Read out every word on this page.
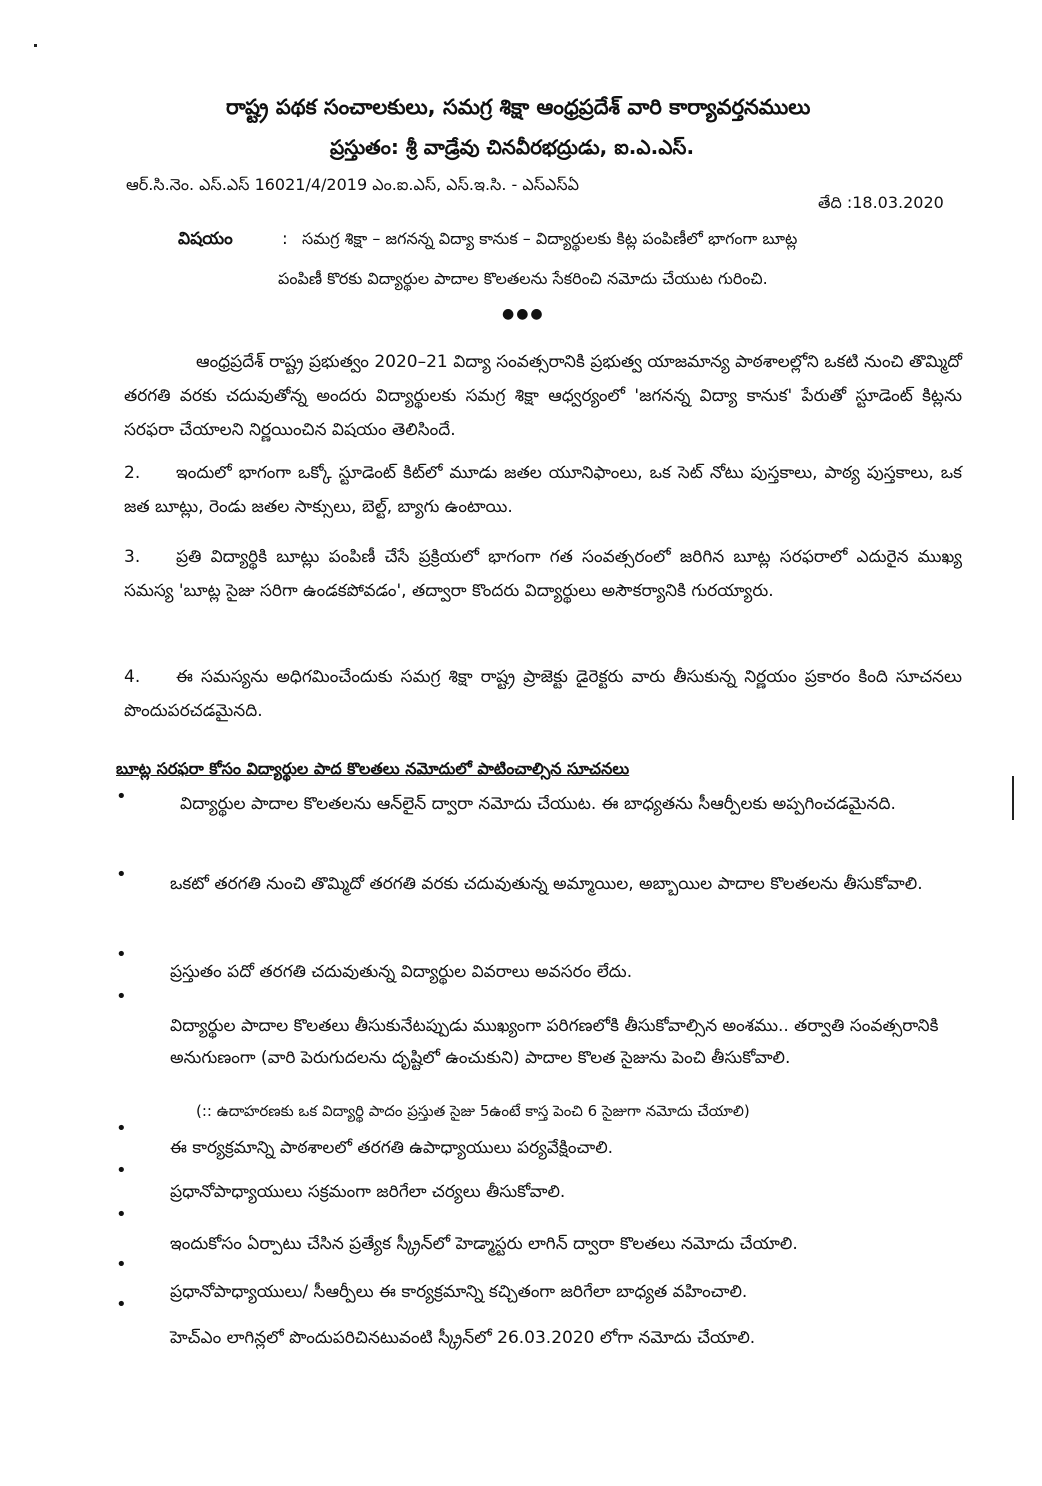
రాష్ట్ర పథక సంచాలకులు, సమగ్ర శిక్షా ఆంధ్రప్రదేశ్ వారి కార్యావర్తనములు
ప్రస్తుతం: శ్రీ వాడ్రేవు చినవీరభద్రుడు, ఐ.ఎ.ఎస్.
ఆర్.సి.నెం. ఎస్.ఎస్ 16021/4/2019 ఎం.ఐ.ఎస్, ఎస్.ఇ.సి. - ఎస్ఎస్ఏ
తేది :18.03.2020
విషయం	: సమగ్ర శిక్షా – జగనన్న విద్యా కానుక – విద్యార్థులకు కిట్ల పంపిణీలో భాగంగా బూట్ల
పంపిణీ కొరకు విద్యార్థుల పాదాల కొలతలను సేకరించి నమోదు చేయుట గురించి.
●●●
ఆంధ్రప్రదేశ్ రాష్ట్ర ప్రభుత్వం 2020–21 విద్యా సంవత్సరానికి ప్రభుత్వ యాజమాన్య పాఠశాలల్లోని ఒకటి నుంచి తొమ్మిదో తరగతి వరకు చదువుతోన్న అందరు విద్యార్థులకు సమగ్ర శిక్షా ఆధ్వర్యంలో 'జగనన్న విద్యా కానుక' పేరుతో స్టూడెంట్ కిట్లను సరఫరా చేయాలని నిర్ణయించిన విషయం తెలిసిందే.
2. ఇందులో భాగంగా ఒక్కో స్టూడెంట్ కిట్‌లో మూడు జతల యూనిఫాంలు, ఒక సెట్ నోటు పుస్తకాలు, పాఠ్య పుస్తకాలు, ఒక జత బూట్లు, రెండు జతల సాక్సులు, బెల్ట్, బ్యాగు ఉంటాయి.
3. ప్రతి విద్యార్థికి బూట్లు పంపిణీ చేసే ప్రక్రియలో భాగంగా గత సంవత్సరంలో జరిగిన బూట్ల సరఫరాలో ఎదురైన ముఖ్య సమస్య 'బూట్ల సైజు సరిగా ఉండకపోవడం', తద్వారా కొందరు విద్యార్థులు అసౌకర్యానికి గురయ్యారు.
4. ఈ సమస్యను అధిగమించేందుకు సమగ్ర శిక్షా రాష్ట్ర ప్రాజెక్టు డైరెక్టరు వారు తీసుకున్న నిర్ణయం ప్రకారం కింది సూచనలు పొందుపరచడమైనది.
బూట్ల సరఫరా కోసం విద్యార్థుల పాద కొలతలు నమోదులో పాటించాల్సిన సూచనలు
•	విద్యార్థుల పాదాల కొలతలను ఆన్‌లైన్ ద్వారా నమోదు చేయుట. ఈ బాధ్యతను సీఆర్పీలకు అప్పగించడమైనది.
•	ఒకటో తరగతి నుంచి తొమ్మిదో తరగతి వరకు చదువుతున్న అమ్మాయిల, అబ్బాయిల పాదాల కొలతలను తీసుకోవాలి.
•
ప్రస్తుతం పదో తరగతి చదువుతున్న విద్యార్థుల వివరాలు అవసరం లేదు.
•
విద్యార్థుల పాదాల కొలతలు తీసుకునేటప్పుడు ముఖ్యంగా పరిగణలోకి తీసుకోవాల్సిన అంశము.. తర్వాతి సంవత్సరానికి అనుగుణంగా (వారి పెరుగుదలను దృష్టిలో ఉంచుకుని) పాదాల కొలత సైజును పెంచి తీసుకోవాలి.
(:: ఉదాహరణకు ఒక విద్యార్థి పాదం ప్రస్తుత సైజు 5ఉంటే కాస్త పెంచి 6 సైజుగా నమోదు చేయాలి)
•
ఈ కార్యక్రమాన్ని పాఠశాలలో తరగతి ఉపాధ్యాయులు పర్యవేక్షించాలి.
•
ప్రధానోపాధ్యాయులు సక్రమంగా జరిగేలా చర్యలు తీసుకోవాలి.
•
ఇందుకోసం ఏర్పాటు చేసిన ప్రత్యేక స్క్రీన్‌లో హెడ్మాస్టరు లాగిన్ ద్వారా కొలతలు నమోదు చేయాలి.
•
ప్రధానోపాధ్యాయులు/ సీఆర్పీలు ఈ కార్యక్రమాన్ని కచ్చితంగా జరిగేలా బాధ్యత వహించాలి.
•
హెచ్ఎం లాగిన్లలో పొందుపరిచినటువంటి స్క్రీన్‌లో 26.03.2020 లోగా నమోదు చేయాలి.
